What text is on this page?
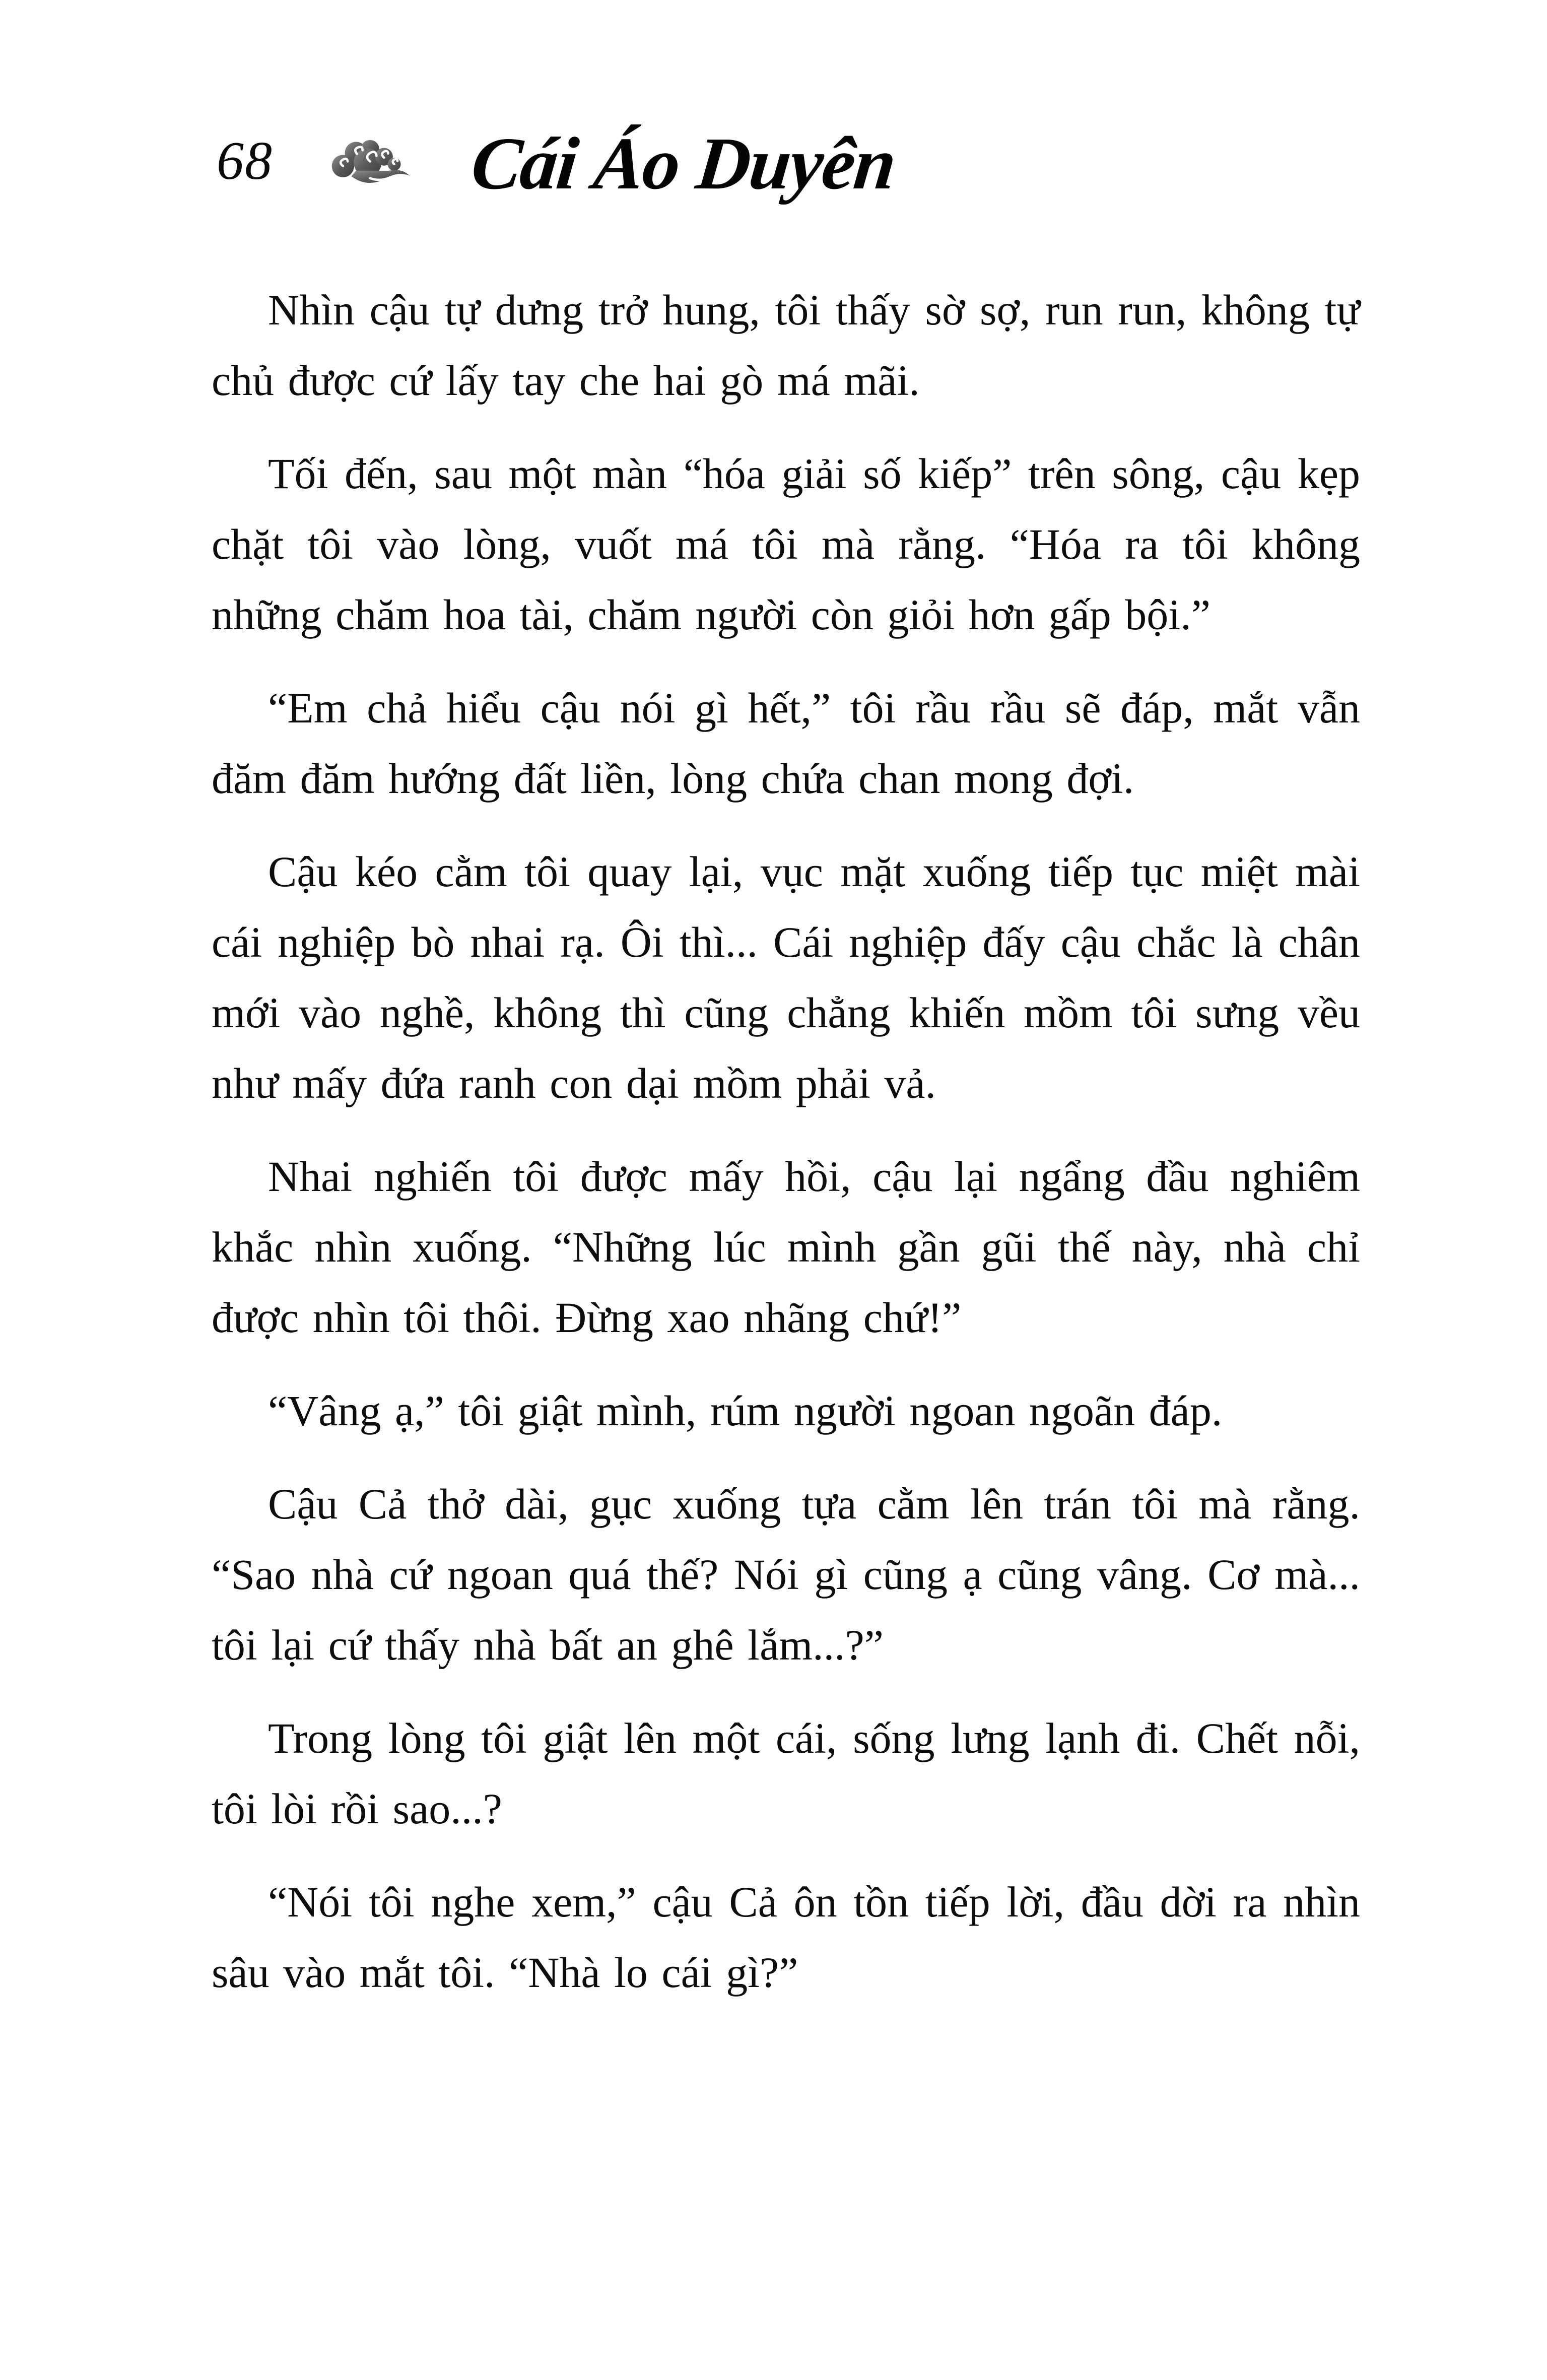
68	Cái Áo Duyên

Nhìn cậu tự dưng trở hung, tôi thấy sờ sợ, run run, không tự chủ được cứ lấy tay che hai gò má mãi.

Tối đến, sau một màn “hóa giải số kiếp” trên sông, cậu kẹp chặt tôi vào lòng, vuốt má tôi mà rằng. “Hóa ra tôi không những chăm hoa tài, chăm người còn giỏi hơn gấp bội.”

“Em chả hiểu cậu nói gì hết,” tôi rầu rầu sẽ đáp, mắt vẫn đăm đăm hướng đất liền, lòng chứa chan mong đợi.

Cậu kéo cằm tôi quay lại, vục mặt xuống tiếp tục miệt mài cái nghiệp bò nhai rạ. Ôi thì... Cái nghiệp đấy cậu chắc là chân mới vào nghề, không thì cũng chẳng khiến mồm tôi sưng vều như mấy đứa ranh con dại mồm phải vả.

Nhai nghiến tôi được mấy hồi, cậu lại ngẩng đầu nghiêm khắc nhìn xuống. “Những lúc mình gần gũi thế này, nhà chỉ được nhìn tôi thôi. Đừng xao nhãng chứ!”

“Vâng ạ,” tôi giật mình, rúm người ngoan ngoãn đáp.

Cậu Cả thở dài, gục xuống tựa cằm lên trán tôi mà rằng. “Sao nhà cứ ngoan quá thế? Nói gì cũng ạ cũng vâng. Cơ mà... tôi lại cứ thấy nhà bất an ghê lắm...?”

Trong lòng tôi giật lên một cái, sống lưng lạnh đi. Chết nỗi, tôi lòi rồi sao...?

“Nói tôi nghe xem,” cậu Cả ôn tồn tiếp lời, đầu dời ra nhìn sâu vào mắt tôi. “Nhà lo cái gì?”
